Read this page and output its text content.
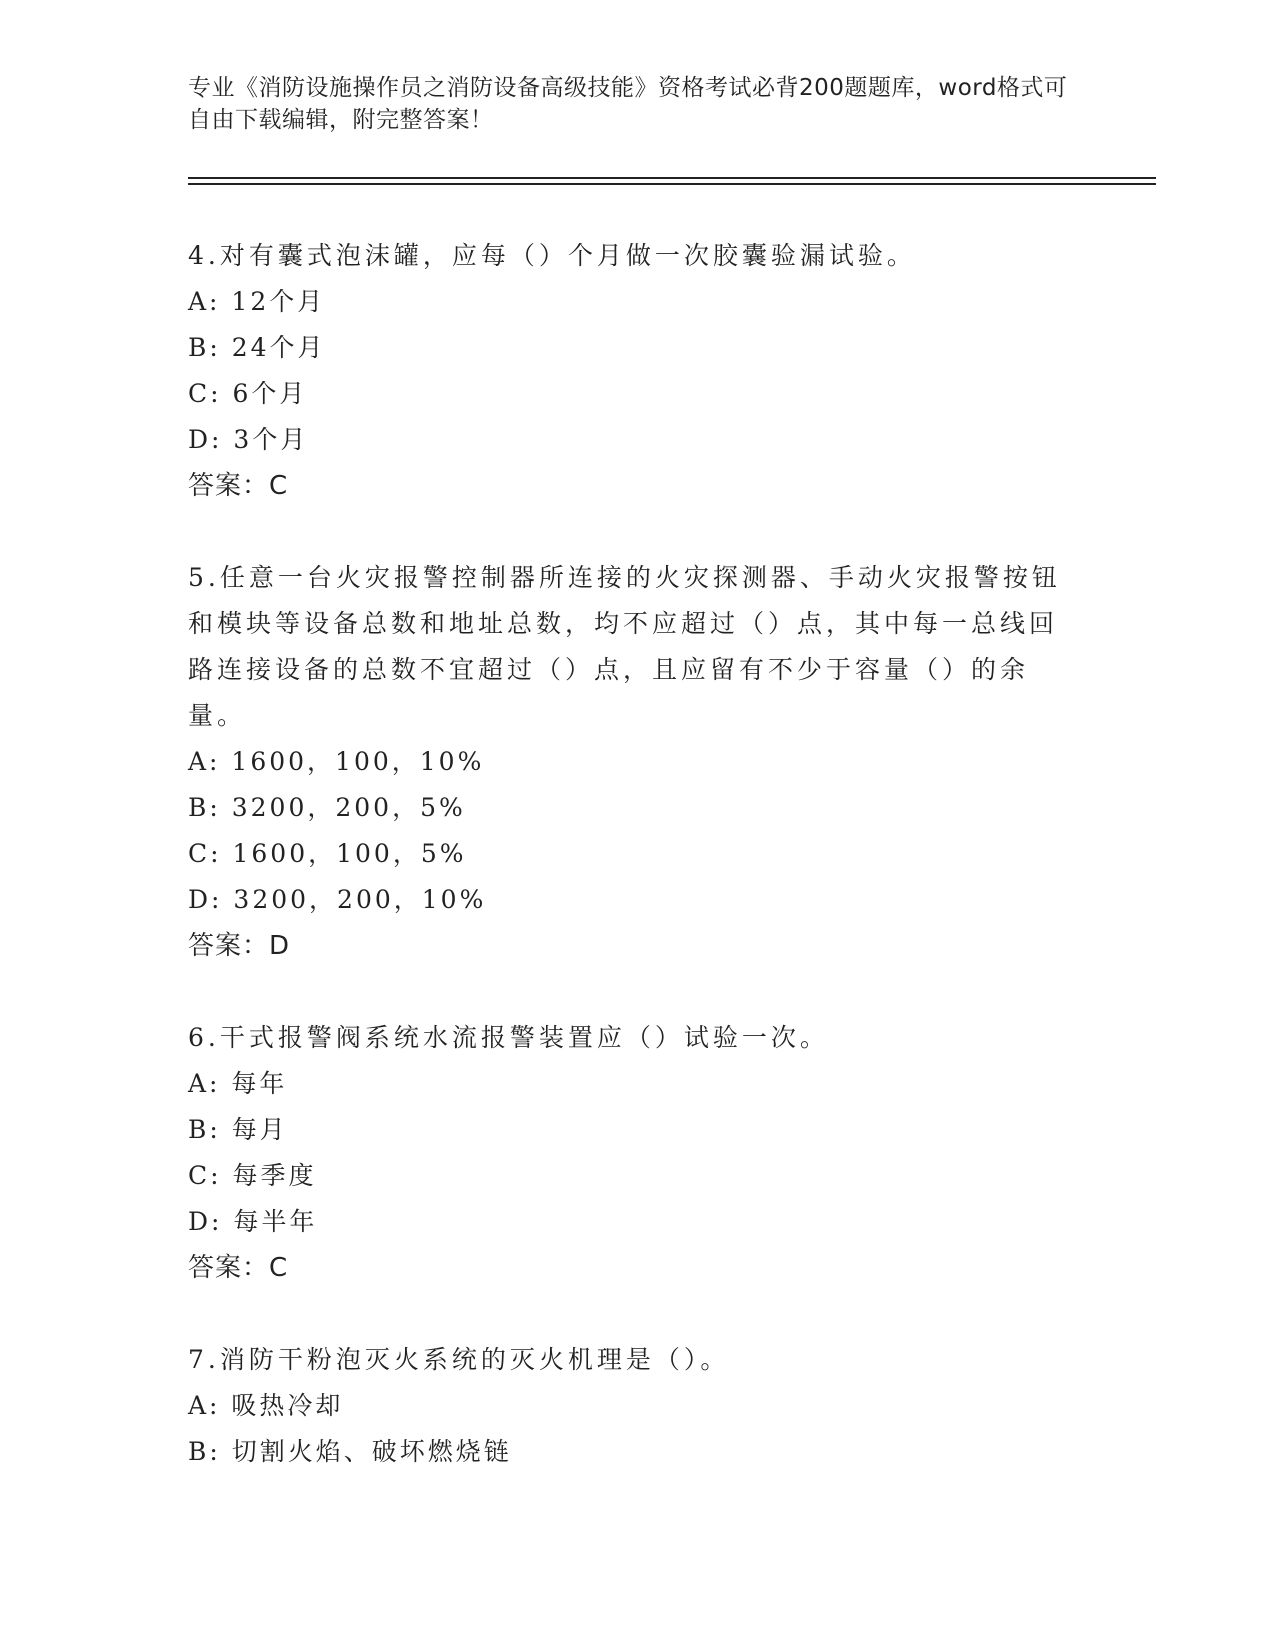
专业《消防设施操作员之消防设备高级技能》资格考试必背200题题库，word格式可自由下载编辑，附完整答案！

4.对有囊式泡沫罐，应每（）个月做一次胶囊验漏试验。

A: 12个月

B: 24个月

C: 6个月

D: 3个月

答案：C

5.任意一台火灾报警控制器所连接的火灾探测器、手动火灾报警按钮和模块等设备总数和地址总数，均不应超过（）点，其中每一总线回路连接设备的总数不宜超过（）点，且应留有不少于容量（）的余量。

A: 1600，100，10%

B: 3200，200，5%

C: 1600，100，5%

D: 3200，200，10%

答案：D

6.干式报警阀系统水流报警装置应（）试验一次。

A: 每年

B: 每月

C: 每季度

D: 每半年

答案：C

7.消防干粉泡灭火系统的灭火机理是（）。

A: 吸热冷却

B: 切割火焰、破坏燃烧链
